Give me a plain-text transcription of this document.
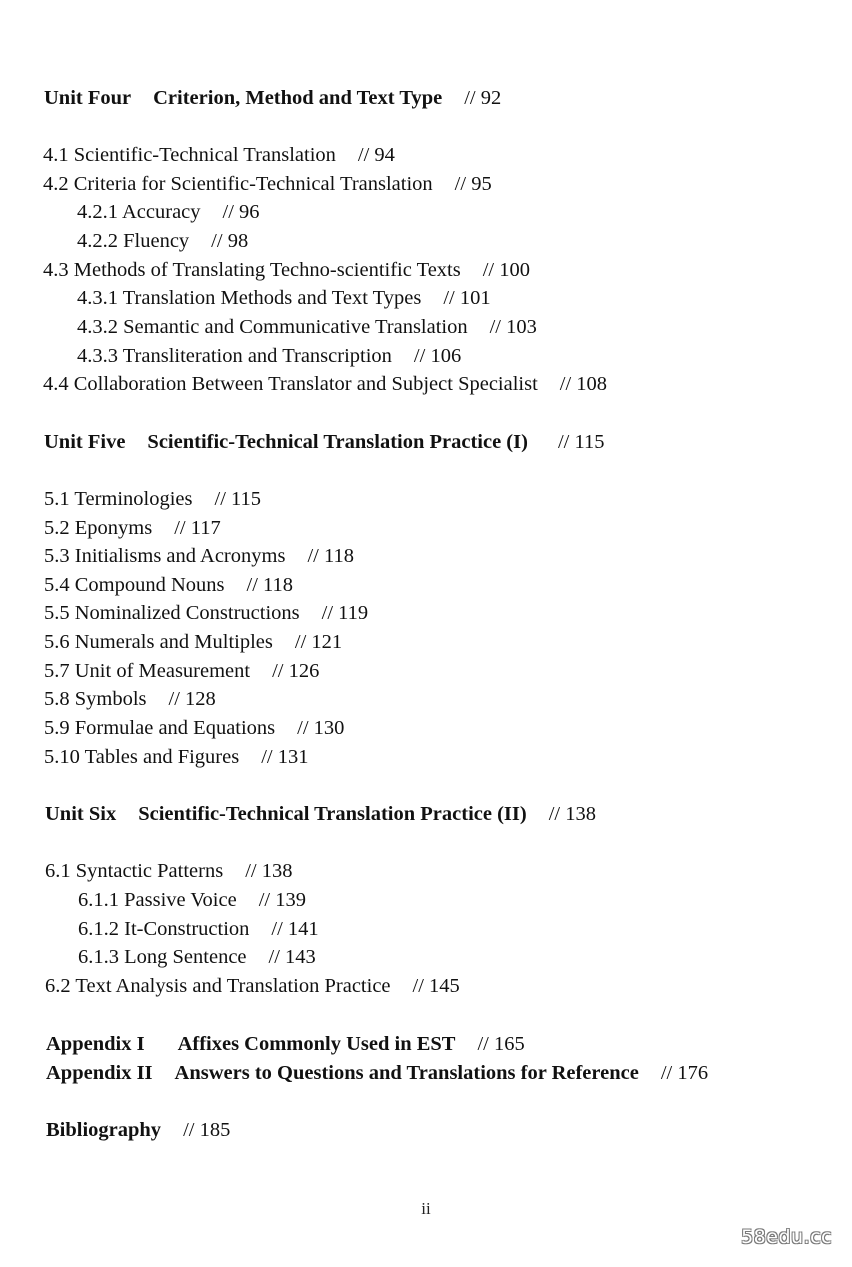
Unit Four Criterion, Method and Text Type // 92
4.1 Scientific-Technical Translation // 94
4.2 Criteria for Scientific-Technical Translation // 95
4.2.1 Accuracy // 96
4.2.2 Fluency // 98
4.3 Methods of Translating Techno-scientific Texts // 100
4.3.1 Translation Methods and Text Types // 101
4.3.2 Semantic and Communicative Translation // 103
4.3.3 Transliteration and Transcription // 106
4.4 Collaboration Between Translator and Subject Specialist // 108
Unit Five Scientific-Technical Translation Practice (I) // 115
5.1 Terminologies // 115
5.2 Eponyms // 117
5.3 Initialisms and Acronyms // 118
5.4 Compound Nouns // 118
5.5 Nominalized Constructions // 119
5.6 Numerals and Multiples // 121
5.7 Unit of Measurement // 126
5.8 Symbols // 128
5.9 Formulae and Equations // 130
5.10 Tables and Figures // 131
Unit Six Scientific-Technical Translation Practice (II) // 138
6.1 Syntactic Patterns // 138
6.1.1 Passive Voice // 139
6.1.2 It-Construction // 141
6.1.3 Long Sentence // 143
6.2 Text Analysis and Translation Practice // 145
Appendix I Affixes Commonly Used in EST // 165
Appendix II Answers to Questions and Translations for Reference // 176
Bibliography // 185
ii
58edu.cc
